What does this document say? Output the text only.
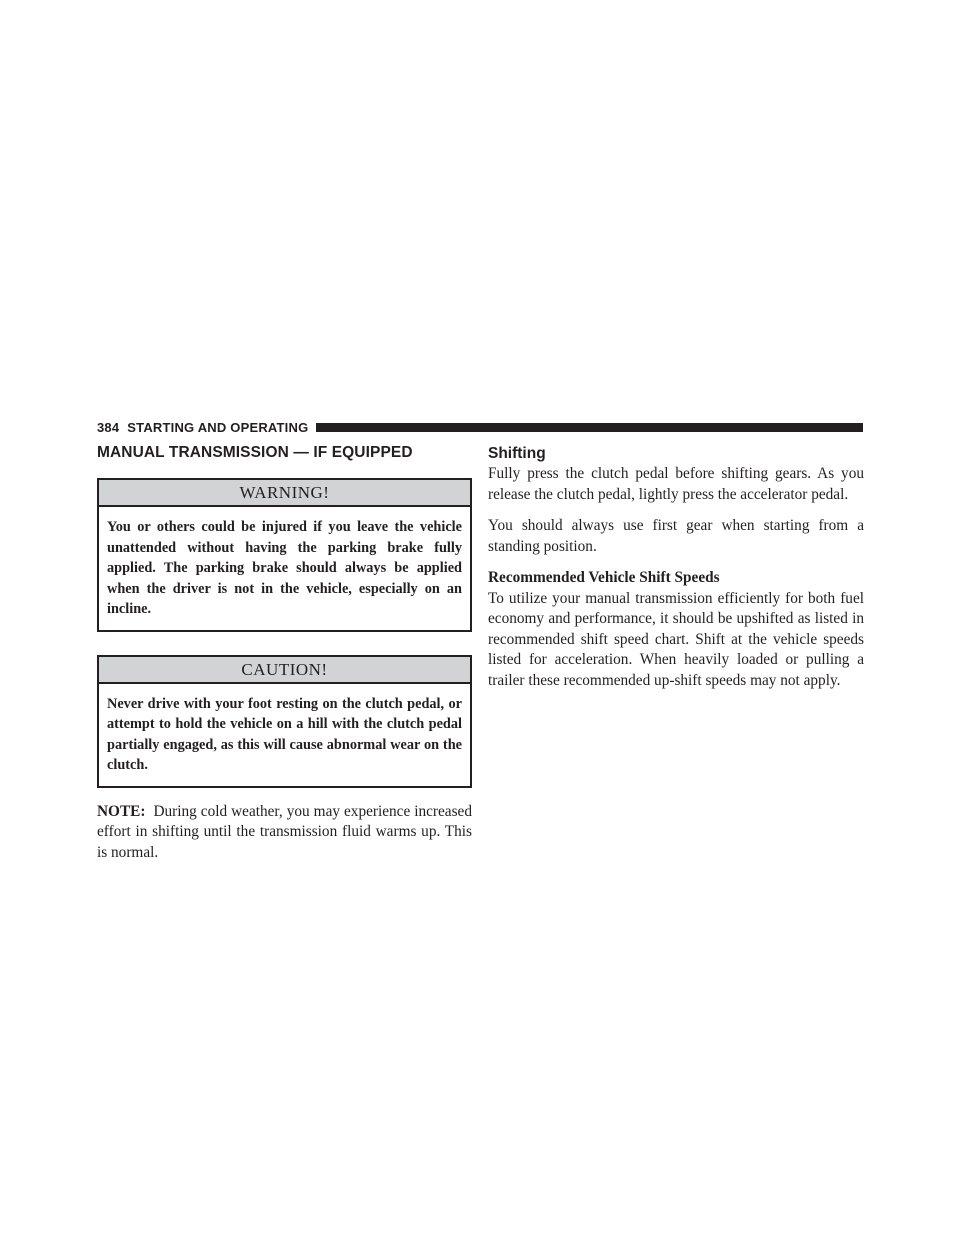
384 STARTING AND OPERATING
MANUAL TRANSMISSION — IF EQUIPPED
WARNING!
You or others could be injured if you leave the vehicle unattended without having the parking brake fully applied. The parking brake should always be applied when the driver is not in the vehicle, especially on an incline.
CAUTION!
Never drive with your foot resting on the clutch pedal, or attempt to hold the vehicle on a hill with the clutch pedal partially engaged, as this will cause abnormal wear on the clutch.

NOTE: During cold weather, you may experience increased effort in shifting until the transmission fluid warms up. This is normal.

Shifting

Fully press the clutch pedal before shifting gears. As you release the clutch pedal, lightly press the accelerator pedal.

You should always use first gear when starting from a standing position.

Recommended Vehicle Shift Speeds

To utilize your manual transmission efficiently for both fuel economy and performance, it should be upshifted as listed in recommended shift speed chart. Shift at the vehicle speeds listed for acceleration. When heavily loaded or pulling a trailer these recommended up-shift speeds may not apply.
